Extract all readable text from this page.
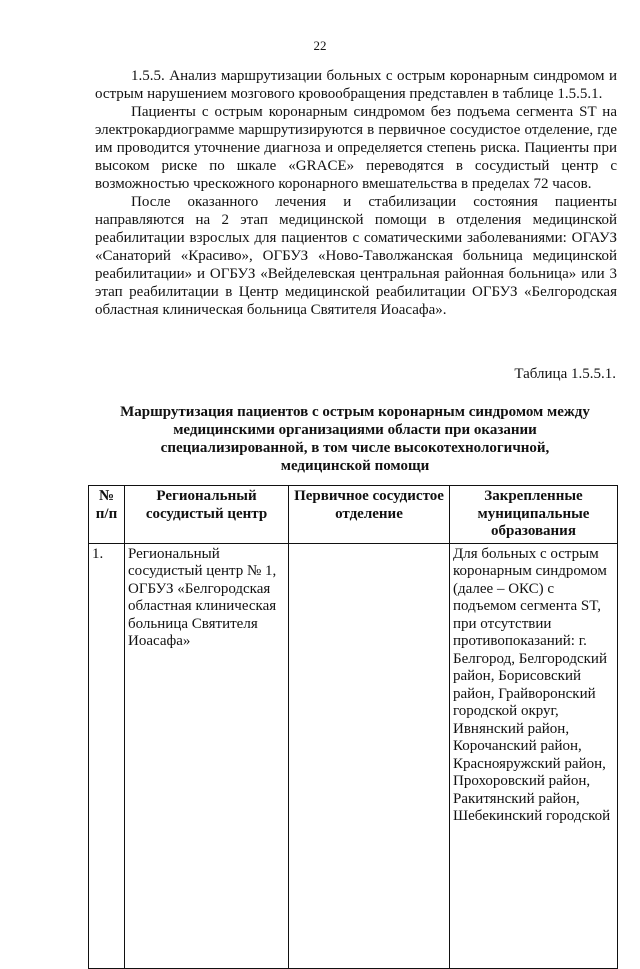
22

1.5.5. Анализ маршрутизации больных с острым коронарным синдромом и острым нарушением мозгового кровообращения представлен в таблице 1.5.5.1.

Пациенты с острым коронарным синдромом без подъема сегмента ST на электрокардиограмме маршрутизируются в первичное сосудистое отделение, где им проводится уточнение диагноза и определяется степень риска. Пациенты при высоком риске по шкале «GRACE» переводятся в сосудистый центр с возможностью чрескожного коронарного вмешательства в пределах 72 часов.

После оказанного лечения и стабилизации состояния пациенты направляются на 2 этап медицинской помощи в отделения медицинской реабилитации взрослых для пациентов с соматическими заболеваниями: ОГАУЗ «Санаторий «Красиво», ОГБУЗ «Ново-Таволжанская больница медицинской реабилитации» и ОГБУЗ «Вейделевская центральная районная больница» или 3 этап реабилитации в Центр медицинской реабилитации ОГБУЗ «Белгородская областная клиническая больница Святителя Иоасафа».

Таблица 1.5.5.1.
Маршрутизация пациентов с острым коронарным синдромом между медицинскими организациями области при оказании специализированной, в том числе высокотехнологичной, медицинской помощи
№ п/п	Региональный сосудистый центр	Первичное сосудистое отделение	Закрепленные муниципальные образования
1.	Региональный сосудистый центр № 1, ОГБУЗ «Белгородская областная клиническая больница Святителя Иоасафа»		Для больных с острым коронарным синдромом (далее – ОКС) с подъемом сегмента ST, при отсутствии противопоказаний: г. Белгород, Белгородский район, Борисовский район, Грайворонский городской округ, Ивнянский район, Корочанский район, Краснояружский район, Прохоровский район, Ракитянский район, Шебекинский городской
